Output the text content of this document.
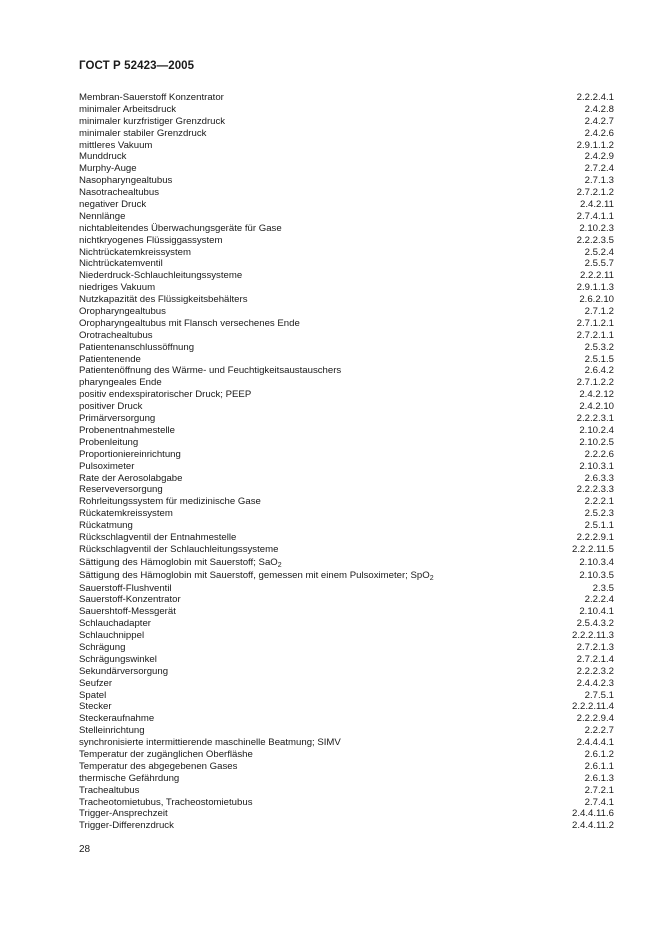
ГОСТ Р 52423—2005
Membran-Sauerstoff Konzentrator	2.2.2.4.1
minimaler Arbeitsdruck	2.4.2.8
minimaler kurzfristiger Grenzdruck	2.4.2.7
minimaler stabiler Grenzdruck	2.4.2.6
mittleres Vakuum	2.9.1.1.2
Munddruck	2.4.2.9
Murphy-Auge	2.7.2.4
Nasopharyngealtubus	2.7.1.3
Nasotrachealtubus	2.7.2.1.2
negativer Druck	2.4.2.11
Nennlänge	2.7.4.1.1
nichtableitendes Überwachungsgeräte für Gase	2.10.2.3
nichtkryogenes Flüssiggassystem	2.2.2.3.5
Nichtrückatemkreissystem	2.5.2.4
Nichtrückatemventil	2.5.5.7
Niederdruck-Schlauchleitungssysteme	2.2.2.11
niedriges Vakuum	2.9.1.1.3
Nutzkapazität des Flüssigkeitsbehälters	2.6.2.10
Oropharyngealtubus	2.7.1.2
Oropharyngealtubus mit Flansch versechenes Ende	2.7.1.2.1
Orotrachealtubus	2.7.2.1.1
Patientenanschlussöffnung	2.5.3.2
Patientenende	2.5.1.5
Patientenöffnung des Wärme- und Feuchtigkeitsaustauschers	2.6.4.2
pharyngeales Ende	2.7.1.2.2
positiv endexspiratorischer Druck; PEEP	2.4.2.12
positiver Druck	2.4.2.10
Primärversorgung	2.2.2.3.1
Probenentnahmestelle	2.10.2.4
Probenleitung	2.10.2.5
Proportioniereinrichtung	2.2.2.6
Pulsoximeter	2.10.3.1
Rate der Aerosolabgabe	2.6.3.3
Reserveversorgung	2.2.2.3.3
Rohrleitungssystem für medizinische Gase	2.2.2.1
Rückatemkreissystem	2.5.2.3
Rückatmung	2.5.1.1
Rückschlagventil der Entnahmestelle	2.2.2.9.1
Rückschlagventil der Schlauchleitungssysteme	2.2.2.11.5
Sättigung des Hämoglobin mit Sauerstoff; SaO$_2$	2.10.3.4
Sättigung des Hämoglobin mit Sauerstoff, gemessen mit einem Pulsoximeter; SpO$_2$	2.10.3.5
Sauerstoff-Flushventil	2.3.5
Sauerstoff-Konzentrator	2.2.2.4
Sauershtoff-Messgerät	2.10.4.1
Schlauchadapter	2.5.4.3.2
Schlauchnippel	2.2.2.11.3
Schrägung	2.7.2.1.3
Schrägungswinkel	2.7.2.1.4
Sekundärversorgung	2.2.2.3.2
Seufzer	2.4.4.2.3
Spatel	2.7.5.1
Stecker	2.2.2.11.4
Steckeraufnahme	2.2.2.9.4
Stelleinrichtung	2.2.2.7
synchronisierte intermittierende maschinelle Beatmung; SIMV	2.4.4.4.1
Temperatur der zugänglichen Oberfläshe	2.6.1.2
Temperatur des abgegebenen Gases	2.6.1.1
thermische Gefährdung	2.6.1.3
Trachealtubus	2.7.2.1
Tracheotomietubus, Tracheostomietubus	2.7.4.1
Trigger-Ansprechzeit	2.4.4.11.6
Trigger-Differenzdruck	2.4.4.11.2
28
